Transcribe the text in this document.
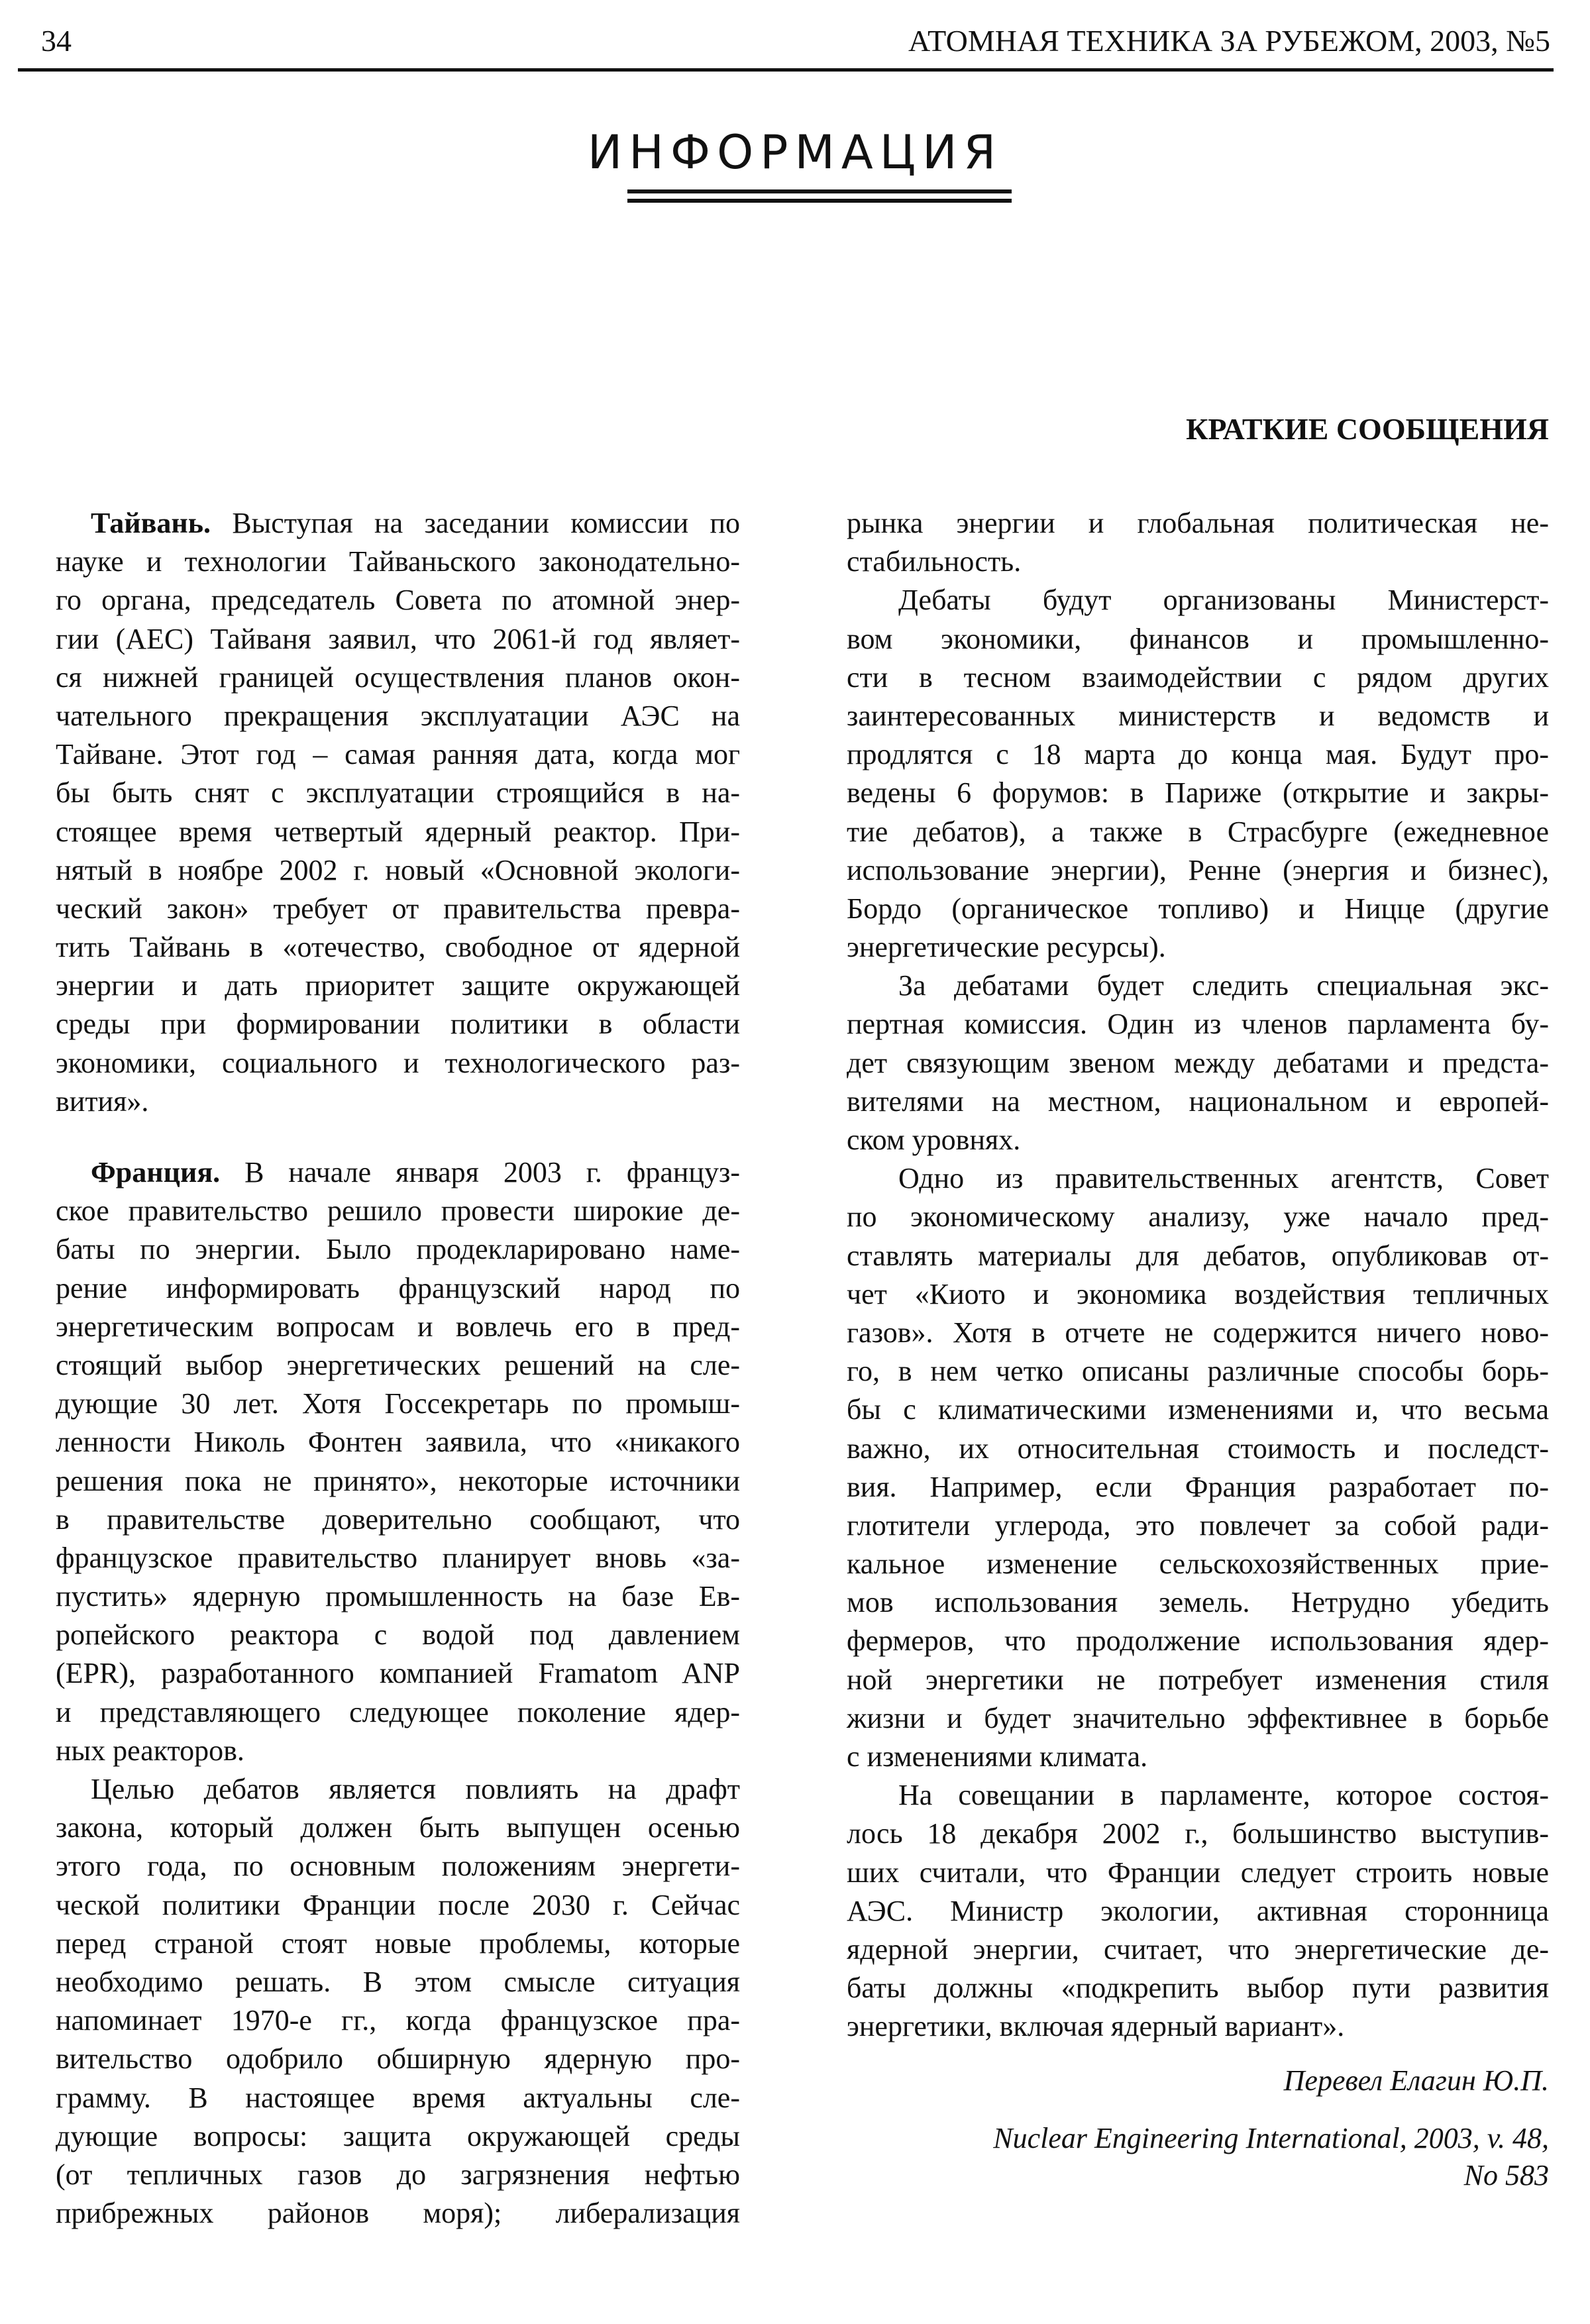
34	АТОМНАЯ ТЕХНИКА ЗА РУБЕЖОМ, 2003, №5
ИНФОРМАЦИЯ
КРАТКИЕ СООБЩЕНИЯ
Тайвань. Выступая на заседании комиссии по
науке и технологии Тайваньского законодательно-
го органа, председатель Совета по атомной энер-
гии (АЕС) Тайваня заявил, что 2061-й год являет-
ся нижней границей осуществления планов окон-
чательного прекращения эксплуатации АЭС на
Тайване. Этот год – самая ранняя дата, когда мог
бы быть снят с эксплуатации строящийся в на-
стоящее время четвертый ядерный реактор. При-
нятый в ноябре 2002 г. новый «Основной экологи-
ческий закон» требует от правительства превра-
тить Тайвань в «отечество, свободное от ядерной
энергии и дать приоритет защите окружающей
среды при формировании политики в области
экономики, социального и технологического раз-
вития».
Франция. В начале января 2003 г. француз-
ское правительство решило провести широкие де-
баты по энергии. Было продекларировано наме-
рение информировать французский народ по
энергетическим вопросам и вовлечь его в пред-
стоящий выбор энергетических решений на сле-
дующие 30 лет. Хотя Госсекретарь по промыш-
ленности Николь Фонтен заявила, что «никакого
решения пока не принято», некоторые источники
в правительстве доверительно сообщают, что
французское правительство планирует вновь «за-
пустить» ядерную промышленность на базе Ев-
ропейского реактора с водой под давлением
(EPR), разработанного компанией Framatom ANP
и представляющего следующее поколение ядер-
ных реакторов.
Целью дебатов является повлиять на драфт
закона, который должен быть выпущен осенью
этого года, по основным положениям энергети-
ческой политики Франции после 2030 г. Сейчас
перед страной стоят новые проблемы, которые
необходимо решать. В этом смысле ситуация
напоминает 1970-е гг., когда французское пра-
вительство одобрило обширную ядерную про-
грамму. В настоящее время актуальны сле-
дующие вопросы: защита окружающей среды
(от тепличных газов до загрязнения нефтью
прибрежных районов моря); либерализация
рынка энергии и глобальная политическая не-
стабильность.
Дебаты будут организованы Министерст-
вом экономики, финансов и промышленно-
сти в тесном взаимодействии с рядом других
заинтересованных министерств и ведомств и
продлятся с 18 марта до конца мая. Будут про-
ведены 6 форумов: в Париже (открытие и закры-
тие дебатов), а также в Страсбурге (ежедневное
использование энергии), Ренне (энергия и бизнес),
Бордо (органическое топливо) и Ницце (другие
энергетические ресурсы).
За дебатами будет следить специальная экс-
пертная комиссия. Один из членов парламента бу-
дет связующим звеном между дебатами и предста-
вителями на местном, национальном и европей-
ском уровнях.
Одно из правительственных агентств, Совет
по экономическому анализу, уже начало пред-
ставлять материалы для дебатов, опубликовав от-
чет «Киото и экономика воздействия тепличных
газов». Хотя в отчете не содержится ничего ново-
го, в нем четко описаны различные способы борь-
бы с климатическими изменениями и, что весьма
важно, их относительная стоимость и последст-
вия. Например, если Франция разработает по-
глотители углерода, это повлечет за собой ради-
кальное изменение сельскохозяйственных прие-
мов использования земель. Нетрудно убедить
фермеров, что продолжение использования ядер-
ной энергетики не потребует изменения стиля
жизни и будет значительно эффективнее в борьбе
с изменениями климата.
На совещании в парламенте, которое состоя-
лось 18 декабря 2002 г., большинство выступив-
ших считали, что Франции следует строить новые
АЭС. Министр экологии, активная сторонница
ядерной энергии, считает, что энергетические де-
баты должны «подкрепить выбор пути развития
энергетики, включая ядерный вариант».
Перевел Елагин Ю.П.
Nuclear Engineering International, 2003, v. 48,
No 583
